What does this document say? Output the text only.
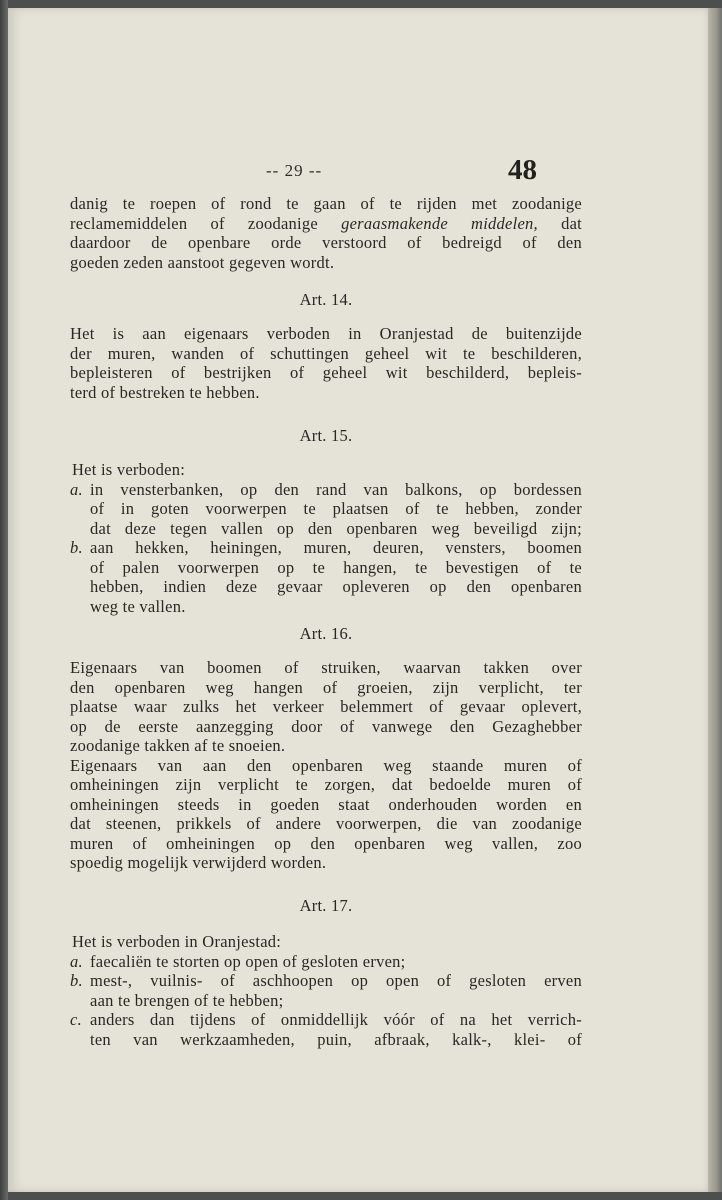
-- 29 --	48
danig te roepen of rond te gaan of te rijden met zoodanige
reclamemiddelen of zoodanige geraasmakende middelen, dat
daardoor de openbare orde verstoord of bedreigd of den
goeden zeden aanstoot gegeven wordt.
Art. 14.
Het is aan eigenaars verboden in Oranjestad de buitenzijde
der muren, wanden of schuttingen geheel wit te beschilderen,
bepleisteren of bestrijken of geheel wit beschilderd, bepleis-
terd of bestreken te hebben.
Art. 15.
Het is verboden:
a. in vensterbanken, op den rand van balkons, op bordessen
of in goten voorwerpen te plaatsen of te hebben, zonder
dat deze tegen vallen op den openbaren weg beveiligd zijn;
b. aan hekken, heiningen, muren, deuren, vensters, boomen
of palen voorwerpen op te hangen, te bevestigen of te
hebben, indien deze gevaar opleveren op den openbaren
weg te vallen.
Art. 16.
Eigenaars van boomen of struiken, waarvan takken over
den openbaren weg hangen of groeien, zijn verplicht, ter
plaatse waar zulks het verkeer belemmert of gevaar oplevert,
op de eerste aanzegging door of vanwege den Gezaghebber
zoodanige takken af te snoeien.
Eigenaars van aan den openbaren weg staande muren of
omheiningen zijn verplicht te zorgen, dat bedoelde muren of
omheiningen steeds in goeden staat onderhouden worden en
dat steenen, prikkels of andere voorwerpen, die van zoodanige
muren of omheiningen op den openbaren weg vallen, zoo
spoedig mogelijk verwijderd worden.
Art. 17.
Het is verboden in Oranjestad:
a. faecaliën te storten op open of gesloten erven;
b. mest-, vuilnis- of aschhoopen op open of gesloten erven
aan te brengen of te hebben;
c. anders dan tijdens of onmiddellijk vóór of na het verrich-
ten van werkzaamheden, puin, afbraak, kalk-, klei- of
